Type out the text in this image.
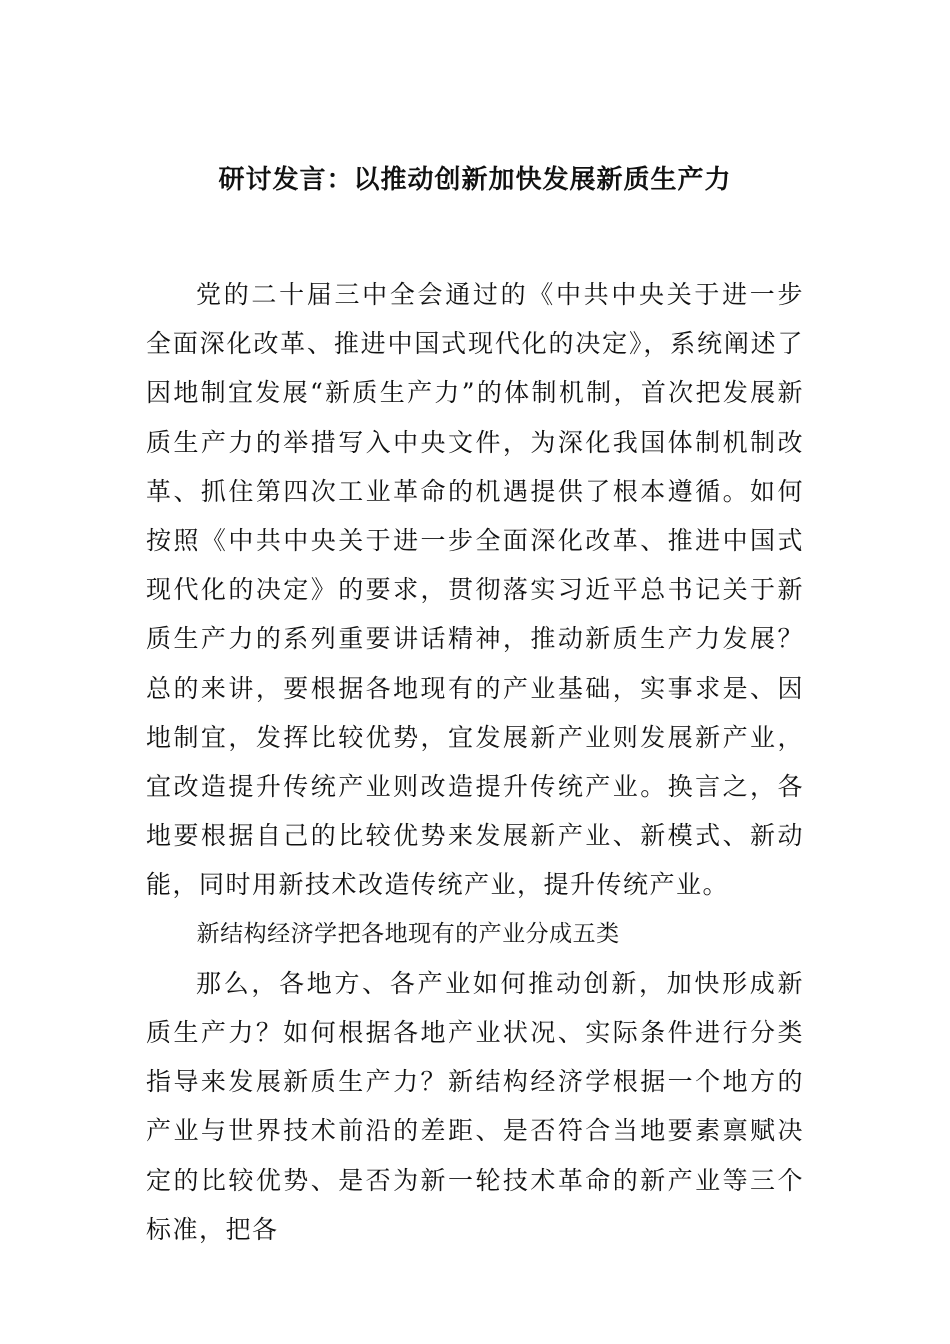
研讨发言：以推动创新加快发展新质生产力

党的二十届三中全会通过的《中共中央关于进一步全面深化改革、推进中国式现代化的决定》，系统阐述了因地制宜发展“新质生产力”的体制机制，首次把发展新质生产力的举措写入中央文件，为深化我国体制机制改革、抓住第四次工业革命的机遇提供了根本遵循。如何按照《中共中央关于进一步全面深化改革、推进中国式现代化的决定》的要求，贯彻落实习近平总书记关于新质生产力的系列重要讲话精神，推动新质生产力发展？总的来讲，要根据各地现有的产业基础，实事求是、因地制宜，发挥比较优势，宜发展新产业则发展新产业，宜改造提升传统产业则改造提升传统产业。换言之，各地要根据自己的比较优势来发展新产业、新模式、新动能，同时用新技术改造传统产业，提升传统产业。

新结构经济学把各地现有的产业分成五类

那么，各地方、各产业如何推动创新，加快形成新质生产力？如何根据各地产业状况、实际条件进行分类指导来发展新质生产力？新结构经济学根据一个地方的产业与世界技术前沿的差距、是否符合当地要素禀赋决定的比较优势、是否为新一轮技术革命的新产业等三个标准，把各
